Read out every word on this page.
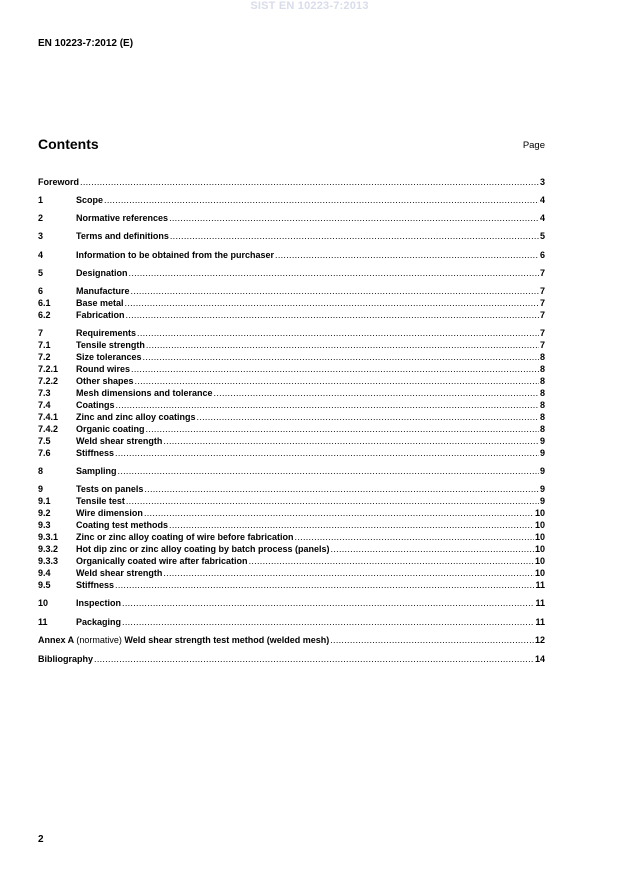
SIST EN 10223-7:2013
EN 10223-7:2012 (E)
Contents	Page
Foreword .....	3
1	Scope .....	4
2	Normative references .....	4
3	Terms and definitions .....	5
4	Information to be obtained from the purchaser .....	6
5	Designation .....	7
6	Manufacture .....	7
6.1	Base metal .....	7
6.2	Fabrication .....	7
7	Requirements .....	7
7.1	Tensile strength .....	7
7.2	Size tolerances .....	8
7.2.1	Round wires .....	8
7.2.2	Other shapes .....	8
7.3	Mesh dimensions and tolerance .....	8
7.4	Coatings .....	8
7.4.1	Zinc and zinc alloy coatings .....	8
7.4.2	Organic coating .....	8
7.5	Weld shear strength .....	9
7.6	Stiffness .....	9
8	Sampling .....	9
9	Tests on panels .....	9
9.1	Tensile test .....	9
9.2	Wire dimension .....	10
9.3	Coating test methods .....	10
9.3.1	Zinc or zinc alloy coating of wire before fabrication .....	10
9.3.2	Hot dip zinc or zinc alloy coating by batch process (panels) .....	10
9.3.3	Organically coated wire after fabrication .....	10
9.4	Weld shear strength .....	10
9.5	Stiffness .....	11
10	Inspection .....	11
11	Packaging .....	11
Annex A (normative) Weld shear strength test method (welded mesh) .....	12
Bibliography .....	14
2
